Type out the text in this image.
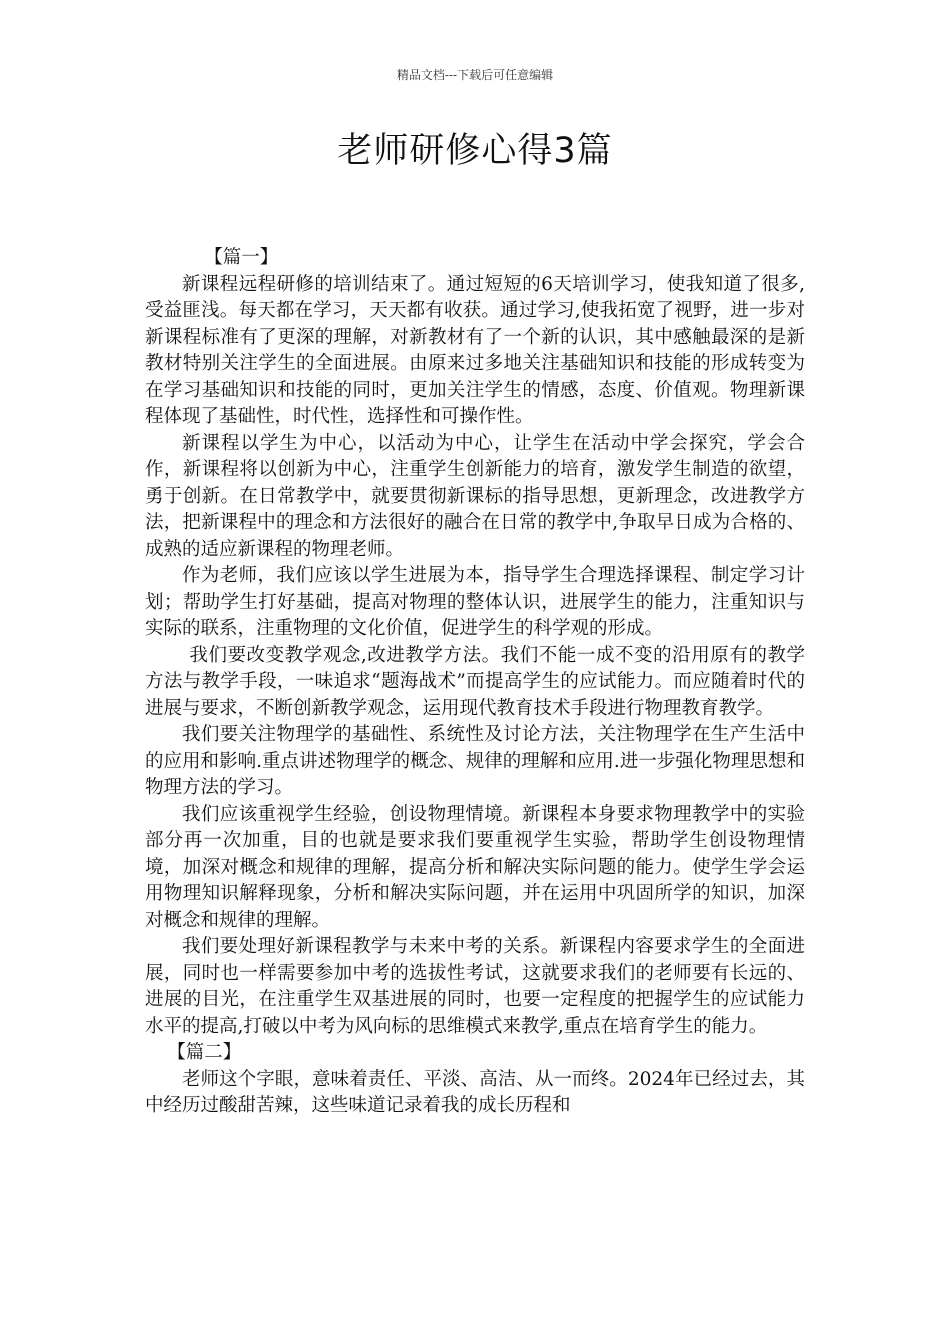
精品文档---下载后可任意编辑
老师研修心得3篇

【篇一】

新课程远程研修的培训结束了。通过短短的6天培训学习，使我知道了很多,受益匪浅。每天都在学习，天天都有收获。通过学习,使我拓宽了视野，进一步对新课程标准有了更深的理解，对新教材有了一个新的认识，其中感触最深的是新教材特别关注学生的全面进展。由原来过多地关注基础知识和技能的形成转变为在学习基础知识和技能的同时，更加关注学生的情感，态度、价值观。物理新课程体现了基础性，时代性，选择性和可操作性。

新课程以学生为中心，以活动为中心，让学生在活动中学会探究，学会合作，新课程将以创新为中心，注重学生创新能力的培育，激发学生制造的欲望，勇于创新。在日常教学中，就要贯彻新课标的指导思想，更新理念，改进教学方法，把新课程中的理念和方法很好的融合在日常的教学中,争取早日成为合格的、成熟的适应新课程的物理老师。

作为老师，我们应该以学生进展为本，指导学生合理选择课程、制定学习计划；帮助学生打好基础，提高对物理的整体认识，进展学生的能力，注重知识与实际的联系，注重物理的文化价值，促进学生的科学观的形成。

我们要改变教学观念,改进教学方法。我们不能一成不变的沿用原有的教学方法与教学手段，一味追求“题海战术”而提高学生的应试能力。而应随着时代的进展与要求，不断创新教学观念，运用现代教育技术手段进行物理教育教学。

我们要关注物理学的基础性、系统性及讨论方法，关注物理学在生产生活中的应用和影响.重点讲述物理学的概念、规律的理解和应用.进一步强化物理思想和物理方法的学习。

我们应该重视学生经验，创设物理情境。新课程本身要求物理教学中的实验部分再一次加重，目的也就是要求我们要重视学生实验，帮助学生创设物理情境，加深对概念和规律的理解，提高分析和解决实际问题的能力。使学生学会运用物理知识解释现象，分析和解决实际问题，并在运用中巩固所学的知识，加深对概念和规律的理解。

我们要处理好新课程教学与未来中考的关系。新课程内容要求学生的全面进展，同时也一样需要参加中考的选拔性考试，这就要求我们的老师要有长远的、进展的目光，在注重学生双基进展的同时，也要一定程度的把握学生的应试能力水平的提高,打破以中考为风向标的思维模式来教学,重点在培育学生的能力。

【篇二】

老师这个字眼，意味着责任、平淡、高洁、从一而终。2024年已经过去，其中经历过酸甜苦辣，这些味道记录着我的成长历程和
